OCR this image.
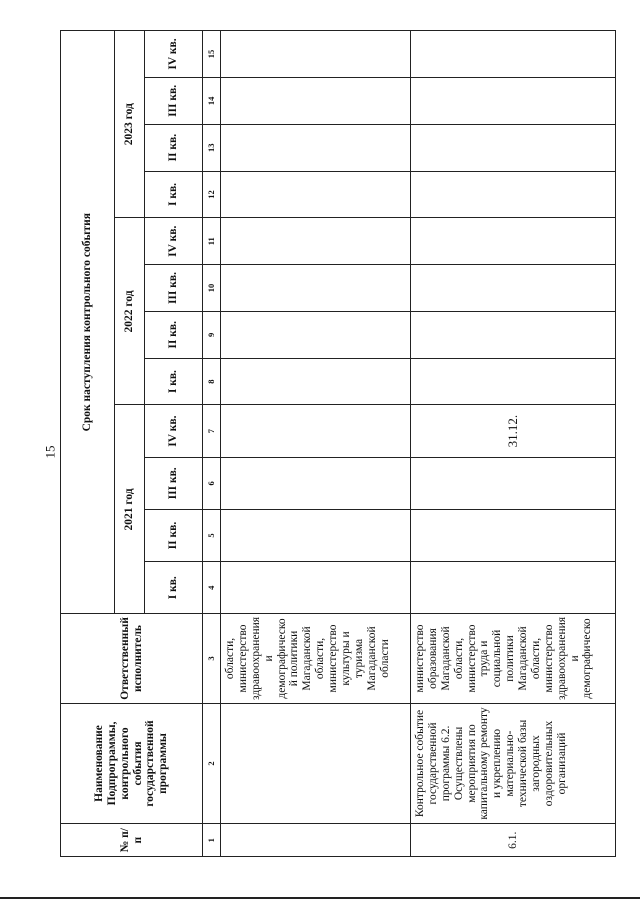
15
№ п/п	Наименование Подпрограммы, контрольного события государственной программы	Ответственный исполнитель	Срок наступления контрольного события											
			2021 год				2022 год				2023 год			
			I кв.	II кв.	III кв.	IV кв.	I кв.	II кв.	III кв.	IV кв.	I кв.	II кв.	III кв.	IV кв.
1	2	3	4	5	6	7	8	9	10	11	12	13	14	15
		области, министерство здравоохранения и демографическо й политики Магаданской области, министерство культуры и туризма Магаданской области												
6.1.	Контрольное событие государственной программы 6.2. Осуществлены мероприятия по капитальному ремонту и укреплению материально-технической базы загородных оздоровительных организаций	министерство образования Магаданской области, министерство труда и социальной политики Магаданской области, министерство здравоохранения и демографическо				31.12.								
